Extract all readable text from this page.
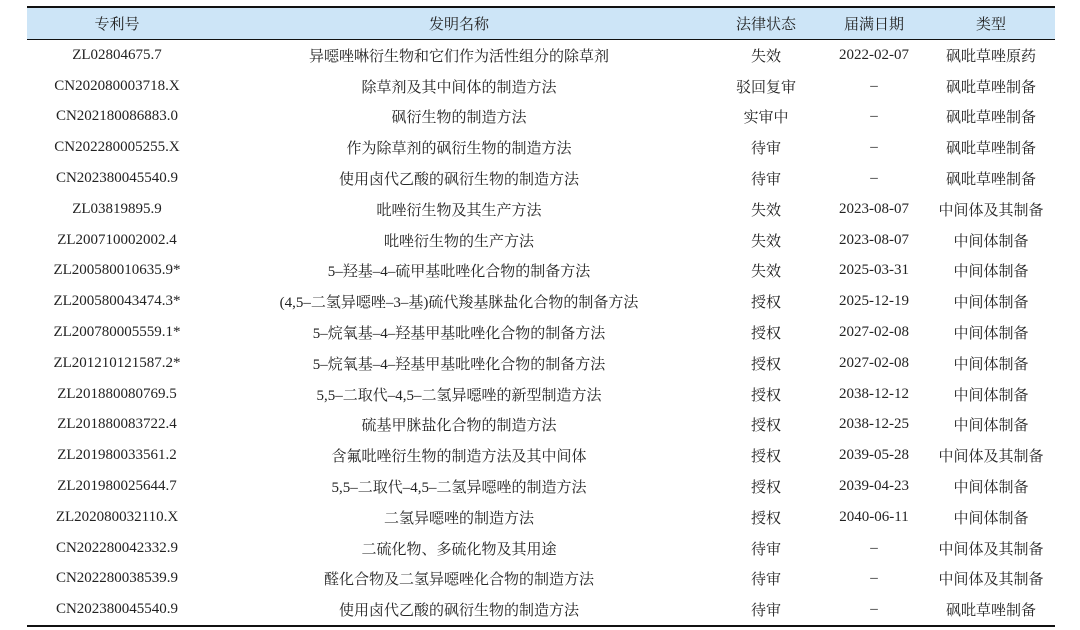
专利号	发明名称	法律状态	届满日期	类型
ZL02804675.7	异噁唑啉衍生物和它们作为活性组分的除草剂	失效	2022-02-07	砜吡草唑原药
CN202080003718.X	除草剂及其中间体的制造方法	驳回复审	–	砜吡草唑制备
CN202180086883.0	砜衍生物的制造方法	实审中	–	砜吡草唑制备
CN202280005255.X	作为除草剂的砜衍生物的制造方法	待审	–	砜吡草唑制备
CN202380045540.9	使用卤代乙酸的砜衍生物的制造方法	待审	–	砜吡草唑制备
ZL03819895.9	吡唑衍生物及其生产方法	失效	2023-08-07	中间体及其制备
ZL200710002002.4	吡唑衍生物的生产方法	失效	2023-08-07	中间体制备
ZL200580010635.9*	5–羟基–4–硫甲基吡唑化合物的制备方法	失效	2025-03-31	中间体制备
ZL200580043474.3*	(4,5–二氢异噁唑–3–基)硫代羧基脒盐化合物的制备方法	授权	2025-12-19	中间体制备
ZL200780005559.1*	5–烷氧基–4–羟基甲基吡唑化合物的制备方法	授权	2027-02-08	中间体制备
ZL201210121587.2*	5–烷氧基–4–羟基甲基吡唑化合物的制备方法	授权	2027-02-08	中间体制备
ZL201880080769.5	5,5–二取代–4,5–二氢异噁唑的新型制造方法	授权	2038-12-12	中间体制备
ZL201880083722.4	硫基甲脒盐化合物的制造方法	授权	2038-12-25	中间体制备
ZL201980033561.2	含氟吡唑衍生物的制造方法及其中间体	授权	2039-05-28	中间体及其制备
ZL201980025644.7	5,5–二取代–4,5–二氢异噁唑的制造方法	授权	2039-04-23	中间体制备
ZL202080032110.X	二氢异噁唑的制造方法	授权	2040-06-11	中间体制备
CN202280042332.9	二硫化物、多硫化物及其用途	待审	–	中间体及其制备
CN202280038539.9	醛化合物及二氢异噁唑化合物的制造方法	待审	–	中间体及其制备
CN202380045540.9	使用卤代乙酸的砜衍生物的制造方法	待审	–	砜吡草唑制备
